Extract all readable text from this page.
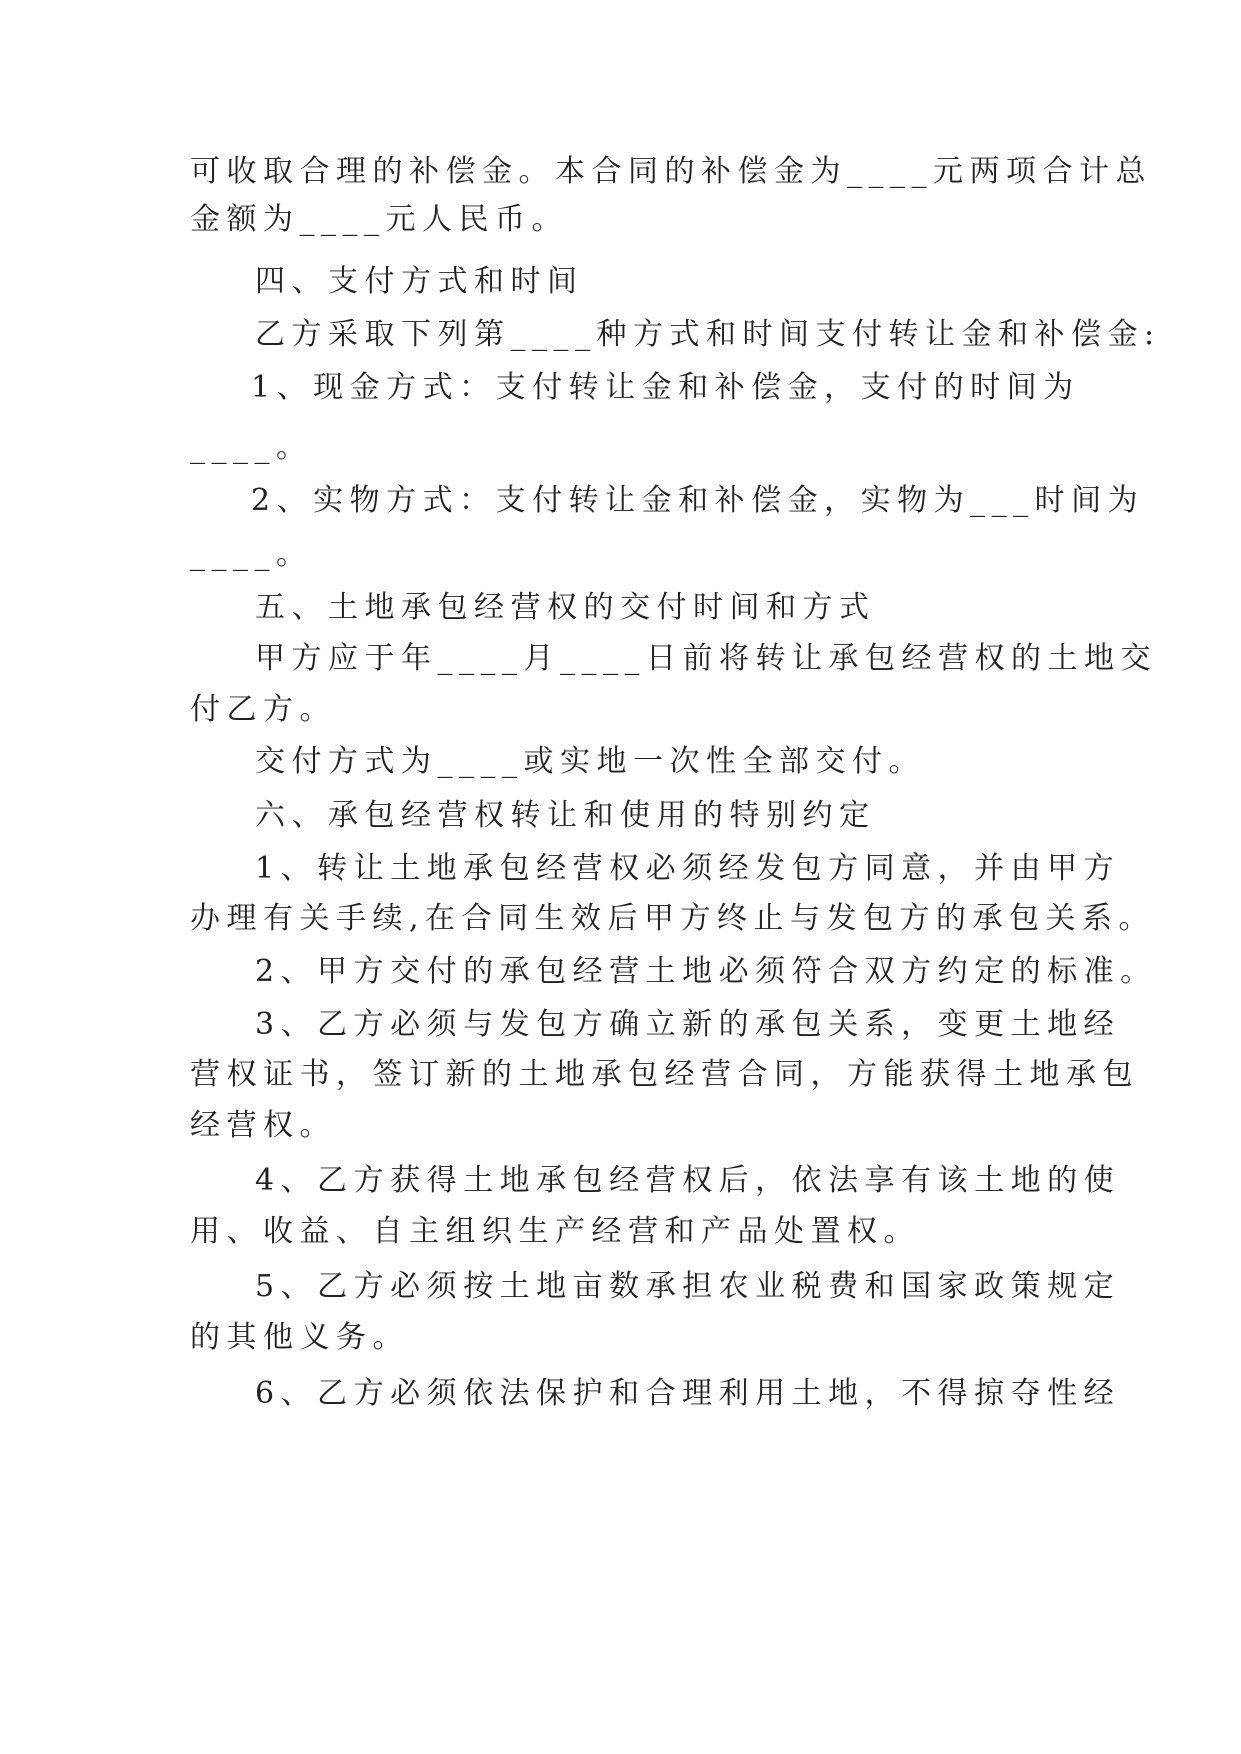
可收取合理的补偿金。本合同的补偿金为____元两项合计总
金额为____元人民币。
四、支付方式和时间
乙方采取下列第____种方式和时间支付转让金和补偿金:
1、现金方式：支付转让金和补偿金，支付的时间为
____。
2、实物方式：支付转让金和补偿金，实物为___时间为
____。
五、土地承包经营权的交付时间和方式
甲方应于年____月____日前将转让承包经营权的土地交
付乙方。
交付方式为____或实地一次性全部交付。
六、承包经营权转让和使用的特别约定
1、转让土地承包经营权必须经发包方同意，并由甲方
办理有关手续,在合同生效后甲方终止与发包方的承包关系。
2、甲方交付的承包经营土地必须符合双方约定的标准。
3、乙方必须与发包方确立新的承包关系，变更土地经
营权证书，签订新的土地承包经营合同，方能获得土地承包
经营权。
4、乙方获得土地承包经营权后，依法享有该土地的使
用、收益、自主组织生产经营和产品处置权。
5、乙方必须按土地亩数承担农业税费和国家政策规定
的其他义务。
6、乙方必须依法保护和合理利用土地，不得掠夺性经
